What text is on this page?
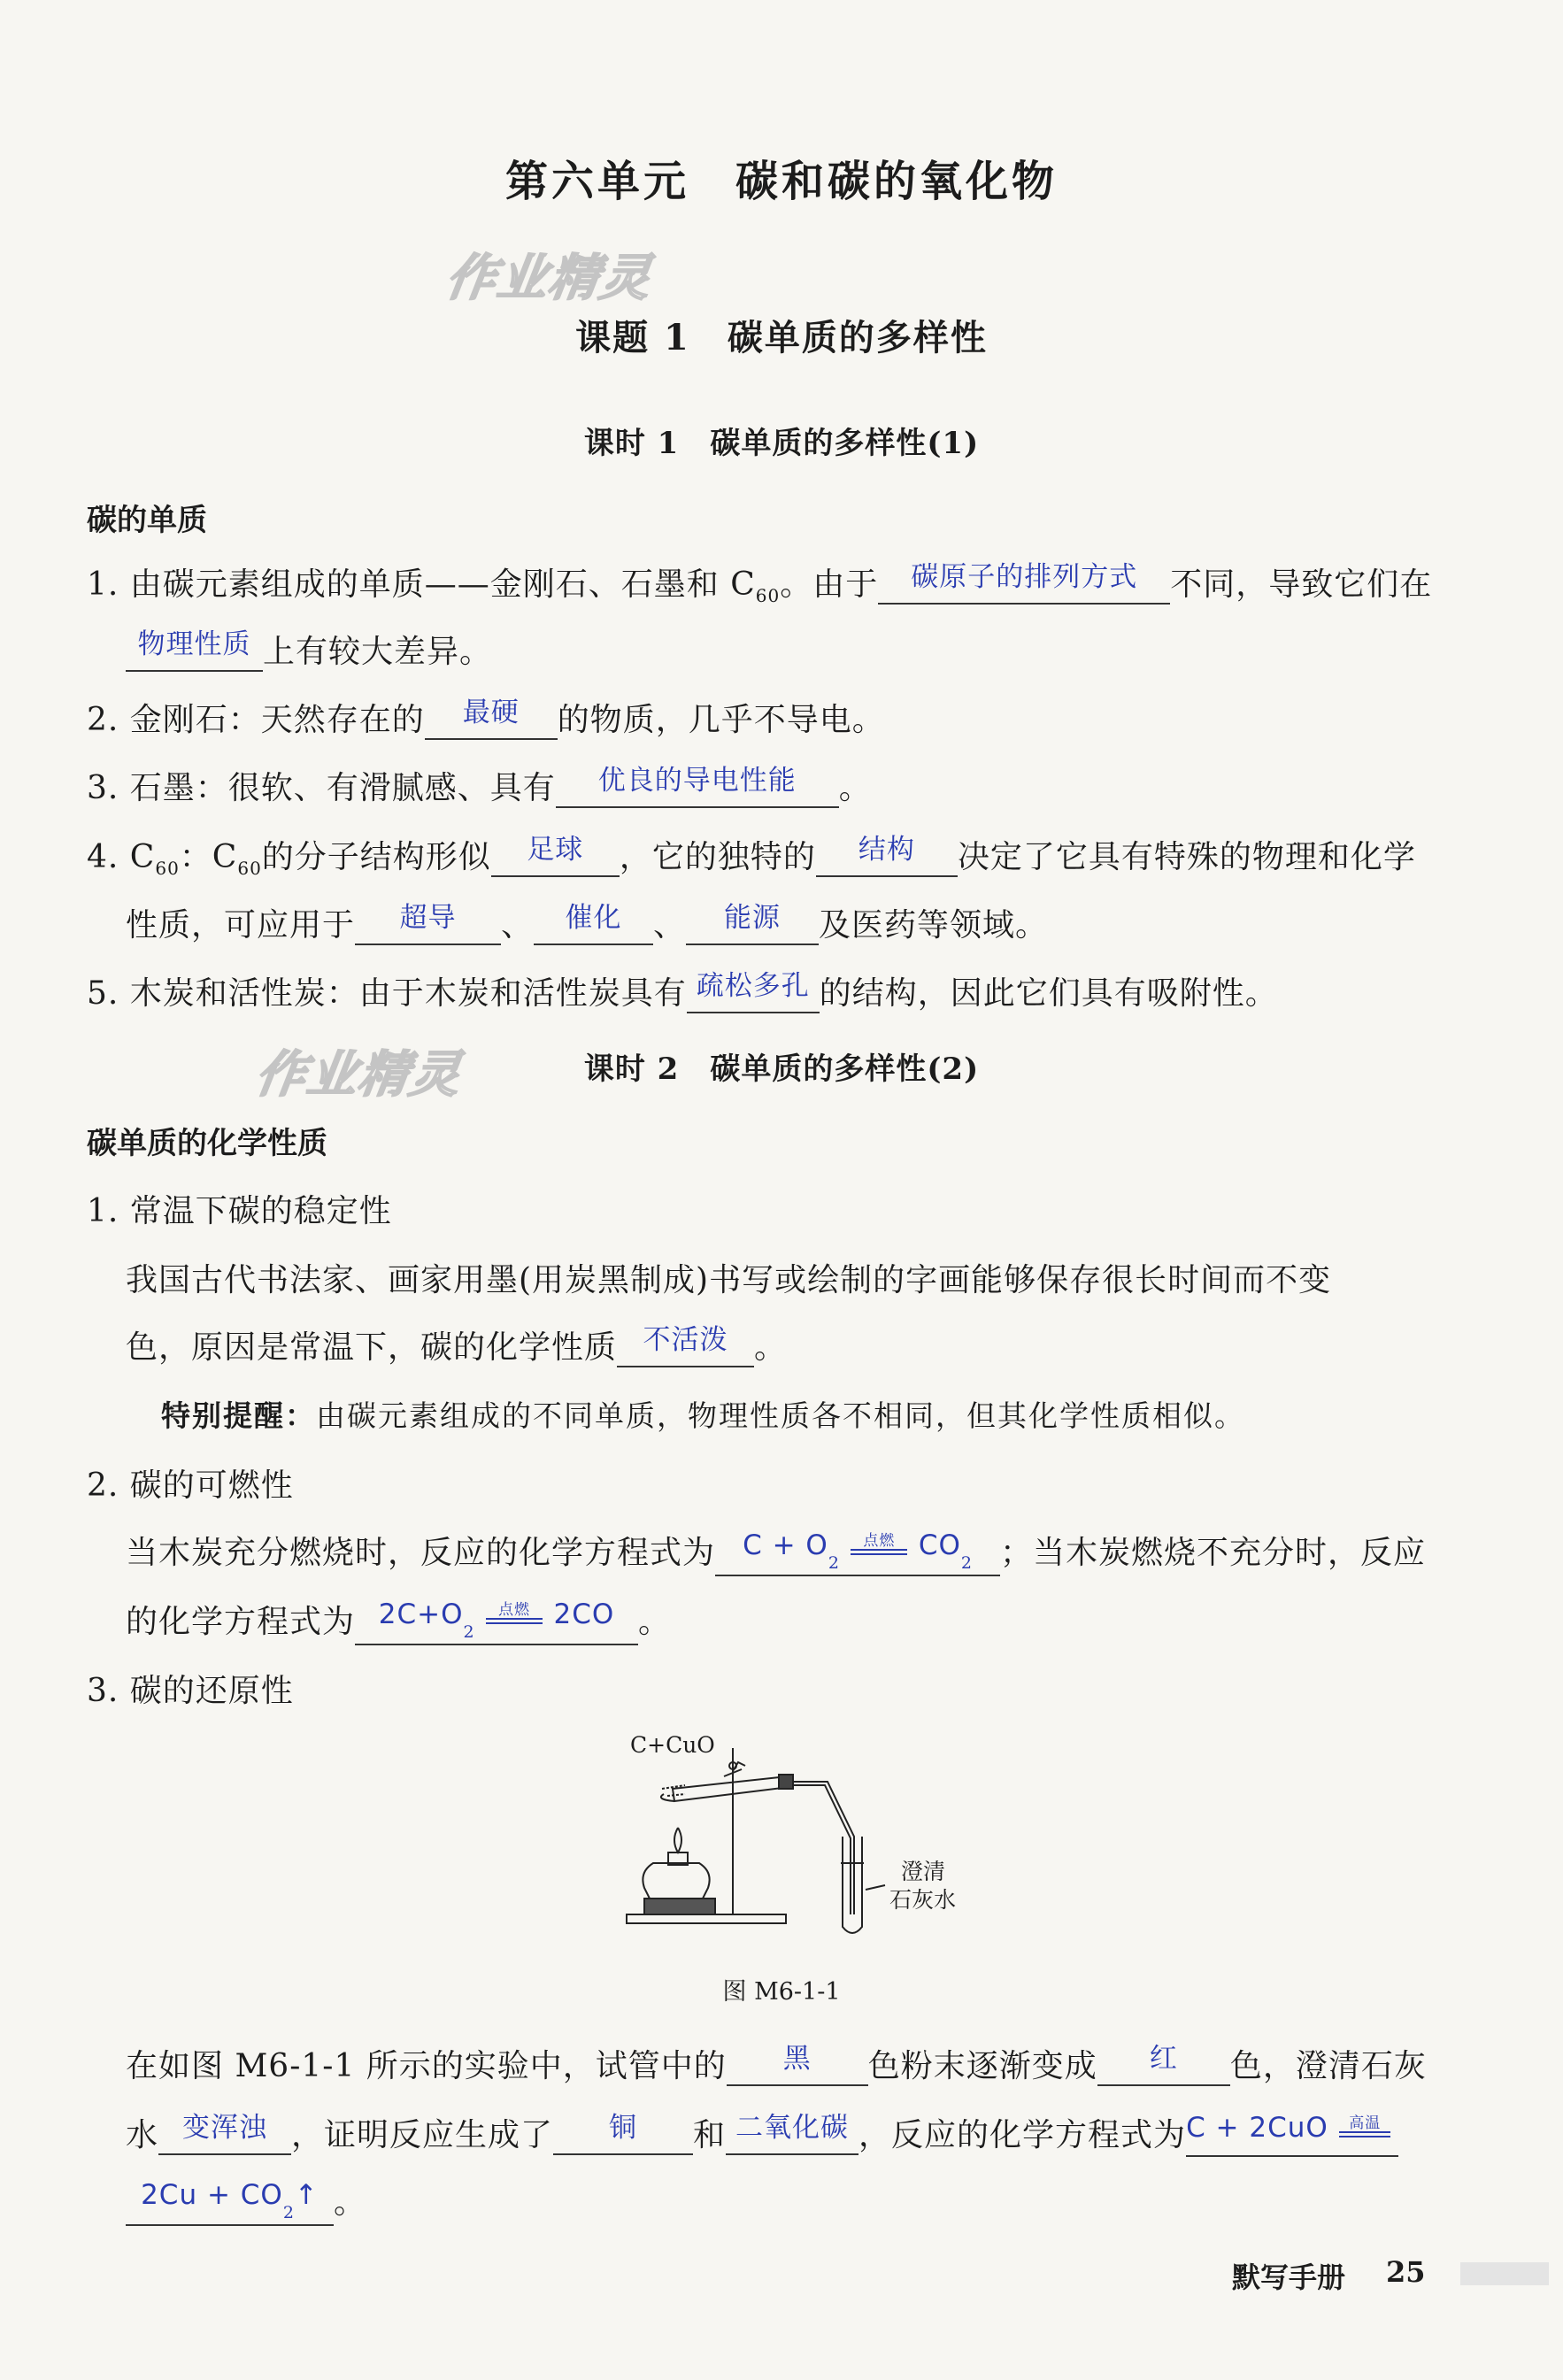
第六单元　碳和碳的氧化物
作业精灵
课题 1　碳单质的多样性
课时 1　碳单质的多样性(1)
碳的单质
1. 由碳元素组成的单质——金刚石、石墨和 $C_{60}$。由于 碳原子的排列方式 不同，导致它们在
物理性质 上有较大差异。
2. 金刚石：天然存在的 最硬 的物质，几乎不导电。
3. 石墨：很软、有滑腻感、具有 优良的导电性能 。
4. $C_{60}$：$C_{60}$的分子结构形似 足球 ，它的独特的 结构 决定了它具有特殊的物理和化学
性质，可应用于 超导 、 催化 、 能源 及医药等领域。
5. 木炭和活性炭：由于木炭和活性炭具有 疏松多孔 的结构，因此它们具有吸附性。
作业精灵	课时 2　碳单质的多样性(2)
碳单质的化学性质
1. 常温下碳的稳定性
我国古代书法家、画家用墨(用炭黑制成)书写或绘制的字画能够保存很长时间而不变
色，原因是常温下，碳的化学性质 不活泼 。
特别提醒：由碳元素组成的不同单质，物理性质各不相同，但其化学性质相似。
2. 碳的可燃性
当木炭充分燃烧时，反应的化学方程式为 $C + O_2$
点燃 $CO_2$ ；当木炭燃烧不充分时，反应
的化学方程式为 $2C+O_2$
点燃 2CO 。
3. 碳的还原性
C+CuO
澄清
石灰水
图 M6-1-1
在如图 M6-1-1 所示的实验中，试管中的 黑 色粉末逐渐变成 红 色，澄清石灰
水 变浑浊 ，证明反应生成了 铜 和 二氧化碳 ，反应的化学方程式为C + 2CuO	高温
$2Cu + CO_2↑$ 。
默写手册 25
